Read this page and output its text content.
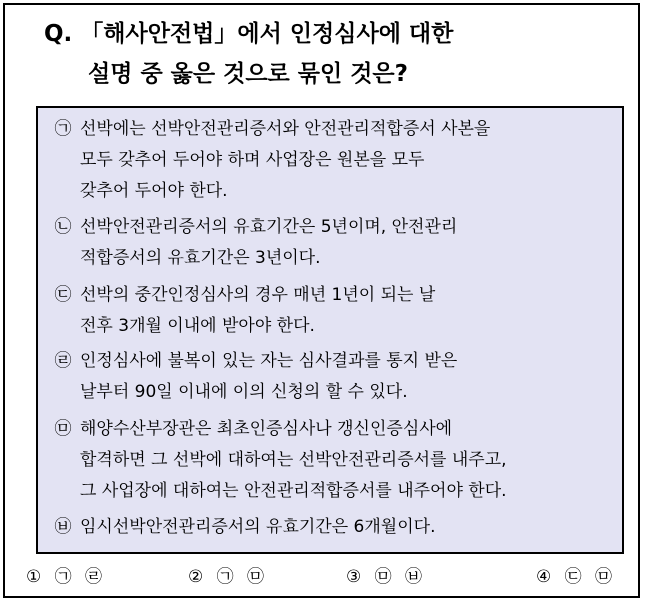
Q. 「해사안전법」에서 인정심사에 대한
설명 중 옳은 것으로 묶인 것은?
㉠ 선박에는 선박안전관리증서와 안전관리적합증서 사본을
모두 갖추어 두어야 하며 사업장은 원본을 모두
갖추어 두어야 한다.
㉡ 선박안전관리증서의 유효기간은 5년이며, 안전관리
적합증서의 유효기간은 3년이다.
㉢ 선박의 중간인정심사의 경우 매년 1년이 되는 날
전후 3개월 이내에 받아야 한다.
㉣ 인정심사에 불복이 있는 자는 심사결과를 통지 받은
날부터 90일 이내에 이의 신청의 할 수 있다.
㉤ 해양수산부장관은 최초인증심사나 갱신인증심사에
합격하면 그 선박에 대하여는 선박안전관리증서를 내주고,
그 사업장에 대하여는 안전관리적합증서를 내주어야 한다.
㉥ 임시선박안전관리증서의 유효기간은 6개월이다.
① ㉠ ㉣	② ㉠ ㉤	③ ㉤ ㉥	④ ㉢ ㉤
